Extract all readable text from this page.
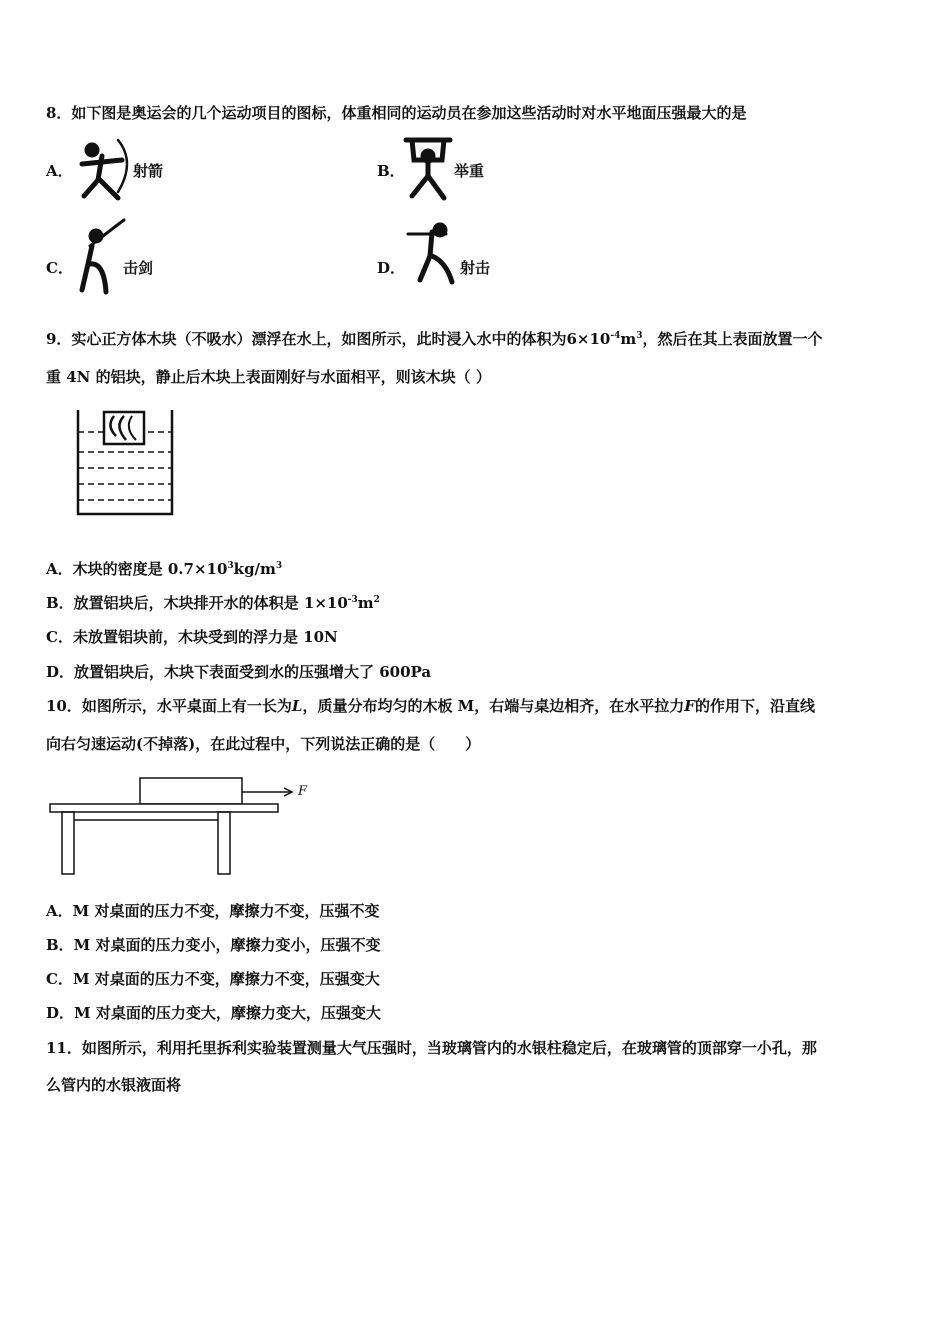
8．如下图是奥运会的几个运动项目的图标，体重相同的运动员在参加这些活动时对水平地面压强最大的是
A．	射箭	B．	举重
C．	击剑	D．	射击
9．实心正方体木块（不吸水）漂浮在水上，如图所示，此时浸入水中的体积为$6\times 10^{-4}m^3$，然后在其上表面放置一个
重 4N 的铝块，静止后木块上表面刚好与水面相平，则该木块（ ）
A．木块的密度是 $0.7\times 10^3kg/m^3$
B．放置铝块后，木块排开水的体积是 $1\times 10^{-3}m^2$
C．未放置铝块前，木块受到的浮力是 10N
D．放置铝块后，木块下表面受到水的压强增大了 600Pa
10．如图所示，水平桌面上有一长为L，质量分布均匀的木板 M，右端与桌边相齐，在水平拉力F的作用下，沿直线
向右匀速运动(不掉落)，在此过程中，下列说法正确的是（　　）
F
A．M 对桌面的压力不变，摩擦力不变，压强不变
B．M 对桌面的压力变小，摩擦力变小，压强不变
C．M 对桌面的压力不变，摩擦力不变，压强变大
D．M 对桌面的压力变大，摩擦力变大，压强变大
11．如图所示，利用托里拆利实验装置测量大气压强时，当玻璃管内的水银柱稳定后，在玻璃管的顶部穿一小孔，那
么管内的水银液面将
